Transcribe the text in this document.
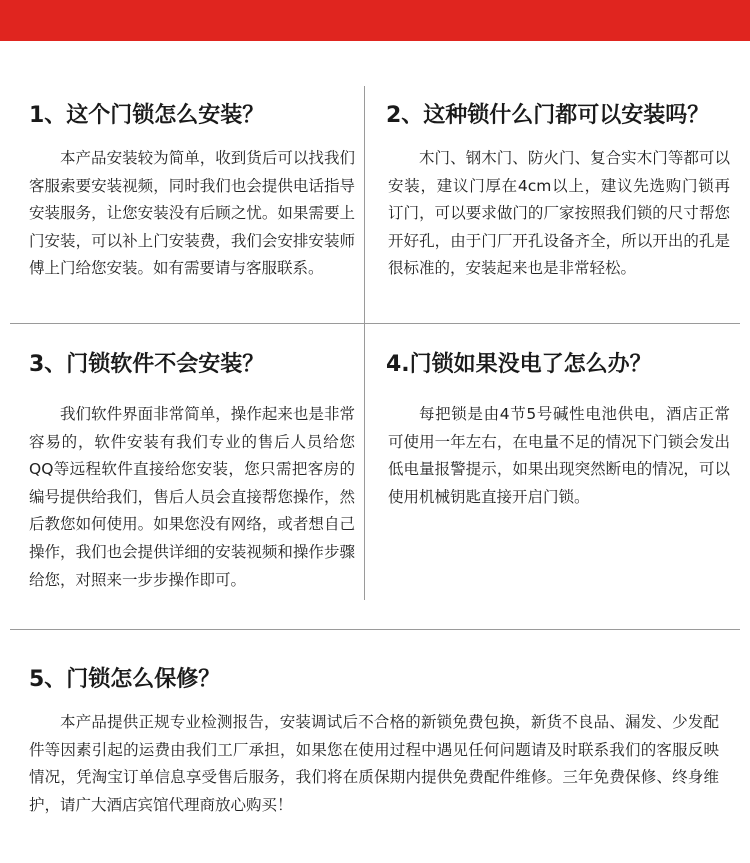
1、这个门锁怎么安装？
本产品安装较为简单，收到货后可以找我们客服索要安装视频，同时我们也会提供电话指导安装服务，让您安装没有后顾之忧。如果需要上门安装，可以补上门安装费，我们会安排安装师傅上门给您安装。如有需要请与客服联系。
2、这种锁什么门都可以安装吗？
木门、钢木门、防火门、复合实木门等都可以安装，建议门厚在4cm以上，建议先选购门锁再订门，可以要求做门的厂家按照我们锁的尺寸帮您开好孔，由于门厂开孔设备齐全，所以开出的孔是很标准的，安装起来也是非常轻松。
3、门锁软件不会安装？
我们软件界面非常简单，操作起来也是非常容易的，软件安装有我们专业的售后人员给您QQ等远程软件直接给您安装，您只需把客房的编号提供给我们，售后人员会直接帮您操作，然后教您如何使用。如果您没有网络，或者想自己操作，我们也会提供详细的安装视频和操作步骤给您，对照来一步步操作即可。
4.门锁如果没电了怎么办？
每把锁是由4节5号碱性电池供电，酒店正常可使用一年左右，在电量不足的情况下门锁会发出低电量报警提示，如果出现突然断电的情况，可以使用机械钥匙直接开启门锁。
5、门锁怎么保修？
本产品提供正规专业检测报告，安装调试后不合格的新锁免费包换，新货不良品、漏发、少发配件等因素引起的运费由我们工厂承担，如果您在使用过程中遇见任何问题请及时联系我们的客服反映情况，凭淘宝订单信息享受售后服务，我们将在质保期内提供免费配件维修。三年免费保修、终身维护，请广大酒店宾馆代理商放心购买！
